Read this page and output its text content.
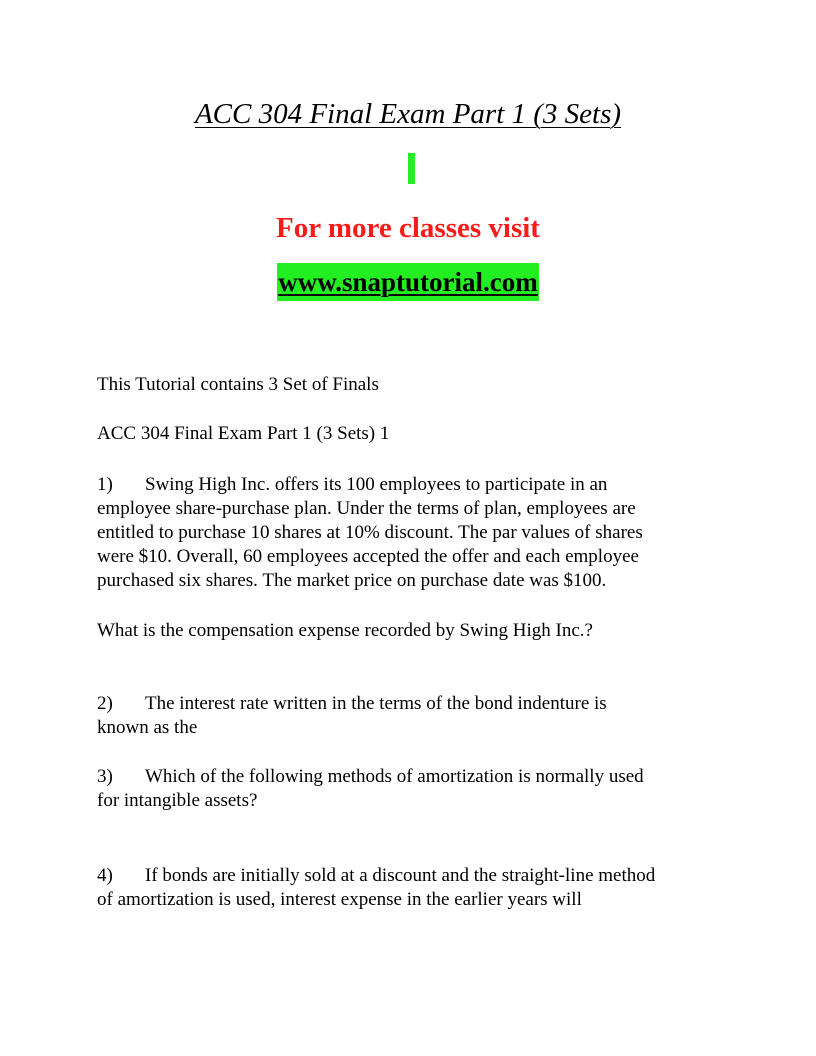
ACC 304 Final Exam Part 1 (3 Sets)
For more classes visit
www.snaptutorial.com

This Tutorial contains 3 Set of Finals

ACC 304 Final Exam Part 1 (3 Sets) 1

1) Swing High Inc. offers its 100 employees to participate in an
employee share-purchase plan. Under the terms of plan, employees are
entitled to purchase 10 shares at 10% discount. The par values of shares
were $10. Overall, 60 employees accepted the offer and each employee
purchased six shares. The market price on purchase date was $100.

What is the compensation expense recorded by Swing High Inc.?

2) The interest rate written in the terms of the bond indenture is
known as the
3) Which of the following methods of amortization is normally used
for intangible assets?
4) If bonds are initially sold at a discount and the straight-line method
of amortization is used, interest expense in the earlier years will
